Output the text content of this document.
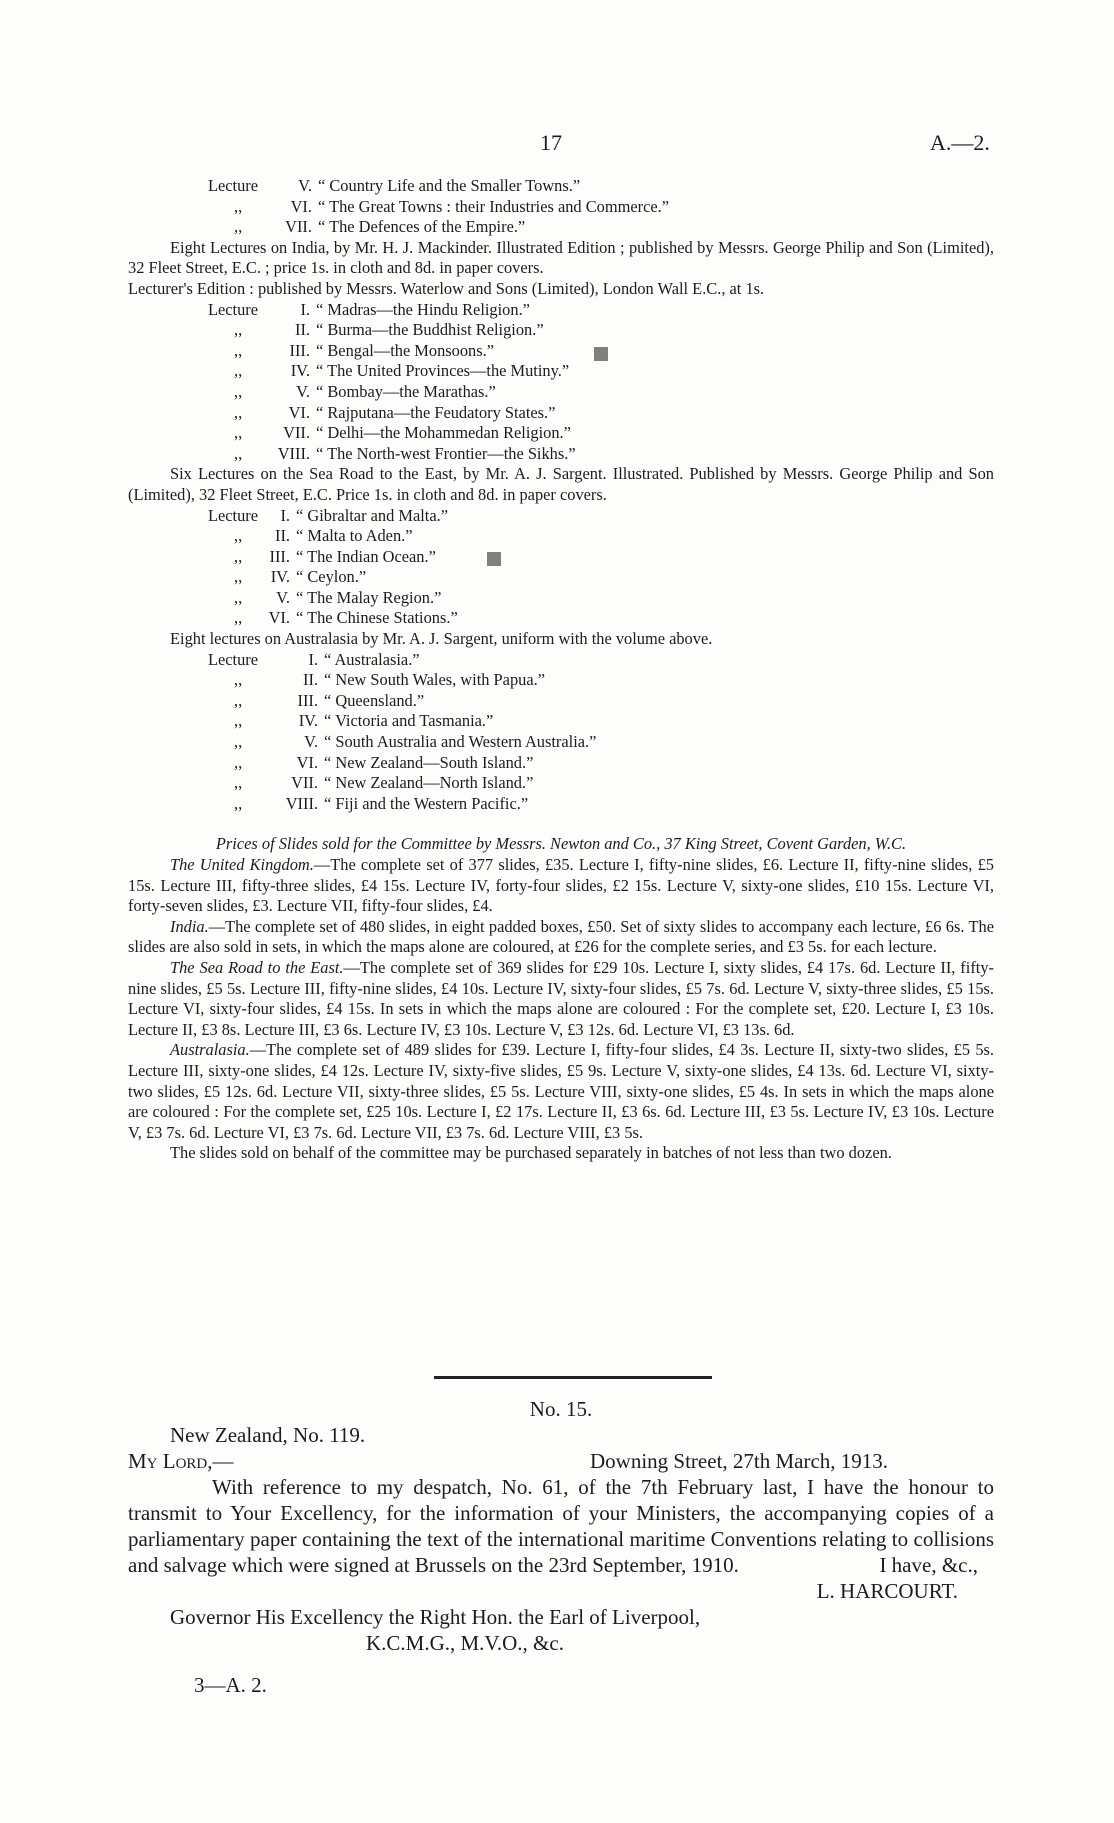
17	A.—2.
Lecture	V. “ Country Life and the Smaller Towns.”
,,	VI. “ The Great Towns : their Industries and Commerce.”
,,	VII. “ The Defences of the Empire.”

Eight Lectures on India, by Mr. H. J. Mackinder. Illustrated Edition ; published by Messrs. George Philip and Son (Limited), 32 Fleet Street, E.C. ; price 1s. in cloth and 8d. in paper covers.

Lecturer's Edition : published by Messrs. Waterlow and Sons (Limited), London Wall E.C., at 1s.

Lecture	I. “ Madras—the Hindu Religion.”
,,	II. “ Burma—the Buddhist Religion.”
,,	III. “ Bengal—the Monsoons.”
,,	IV. “ The United Provinces—the Mutiny.”
,,	V. “ Bombay—the Marathas.”
,,	VI. “ Rajputana—the Feudatory States.”
,,	VII. “ Delhi—the Mohammedan Religion.”
,,	VIII. “ The North-west Frontier—the Sikhs.”

Six Lectures on the Sea Road to the East, by Mr. A. J. Sargent. Illustrated. Published by Messrs. George Philip and Son (Limited), 32 Fleet Street, E.C. Price 1s. in cloth and 8d. in paper covers.

Lecture	I. “ Gibraltar and Malta.”
,,	II. “ Malta to Aden.”
,,	III. “ The Indian Ocean.”
,,	IV. “ Ceylon.”
,,	V. “ The Malay Region.”
,,	VI. “ The Chinese Stations.”

Eight lectures on Australasia by Mr. A. J. Sargent, uniform with the volume above.

Lecture	I. “ Australasia.”
,,	II. “ New South Wales, with Papua.”
,,	III. “ Queensland.”
,,	IV. “ Victoria and Tasmania.”
,,	V. “ South Australia and Western Australia.”
,,	VI. “ New Zealand—South Island.”
,,	VII. “ New Zealand—North Island.”
,,	VIII. “ Fiji and the Western Pacific.”

Prices of Slides sold for the Committee by Messrs. Newton and Co., 37 King Street, Covent Garden, W.C.

The United Kingdom.—The complete set of 377 slides, £35. Lecture I, fifty-nine slides, £6. Lecture II, fifty-nine slides, £5 15s. Lecture III, fifty-three slides, £4 15s. Lecture IV, forty-four slides, £2 15s. Lecture V, sixty-one slides, £10 15s. Lecture VI, forty-seven slides, £3. Lecture VII, fifty-four slides, £4.

India.—The complete set of 480 slides, in eight padded boxes, £50. Set of sixty slides to accompany each lecture, £6 6s. The slides are also sold in sets, in which the maps alone are coloured, at £26 for the complete series, and £3 5s. for each lecture.

The Sea Road to the East.—The complete set of 369 slides for £29 10s. Lecture I, sixty slides, £4 17s. 6d. Lecture II, fifty-nine slides, £5 5s. Lecture III, fifty-nine slides, £4 10s. Lecture IV, sixty-four slides, £5 7s. 6d. Lecture V, sixty-three slides, £5 15s. Lecture VI, sixty-four slides, £4 15s. In sets in which the maps alone are coloured : For the complete set, £20. Lecture I, £3 10s. Lecture II, £3 8s. Lecture III, £3 6s. Lecture IV, £3 10s. Lecture V, £3 12s. 6d. Lecture VI, £3 13s. 6d.

Australasia.—The complete set of 489 slides for £39. Lecture I, fifty-four slides, £4 3s. Lecture II, sixty-two slides, £5 5s. Lecture III, sixty-one slides, £4 12s. Lecture IV, sixty-five slides, £5 9s. Lecture V, sixty-one slides, £4 13s. 6d. Lecture VI, sixty-two slides, £5 12s. 6d. Lecture VII, sixty-three slides, £5 5s. Lecture VIII, sixty-one slides, £5 4s. In sets in which the maps alone are coloured : For the complete set, £25 10s. Lecture I, £2 17s. Lecture II, £3 6s. 6d. Lecture III, £3 5s. Lecture IV, £3 10s. Lecture V, £3 7s. 6d. Lecture VI, £3 7s. 6d. Lecture VII, £3 7s. 6d. Lecture VIII, £3 5s.

The slides sold on behalf of the committee may be purchased separately in batches of not less than two dozen.

No. 15.
New Zealand, No. 119.
My Lord,—	Downing Street, 27th March, 1913.

With reference to my despatch, No. 61, of the 7th February last, I have the honour to transmit to Your Excellency, for the information of your Ministers, the accompanying copies of a parliamentary paper containing the text of the international maritime Conventions relating to collisions and salvage which were signed at Brussels on the 23rd September, 1910.	I have, &c.,

L. HARCOURT.
Governor His Excellency the Right Hon. the Earl of Liverpool,
K.C.M.G., M.V.O., &c.
3—A. 2.
